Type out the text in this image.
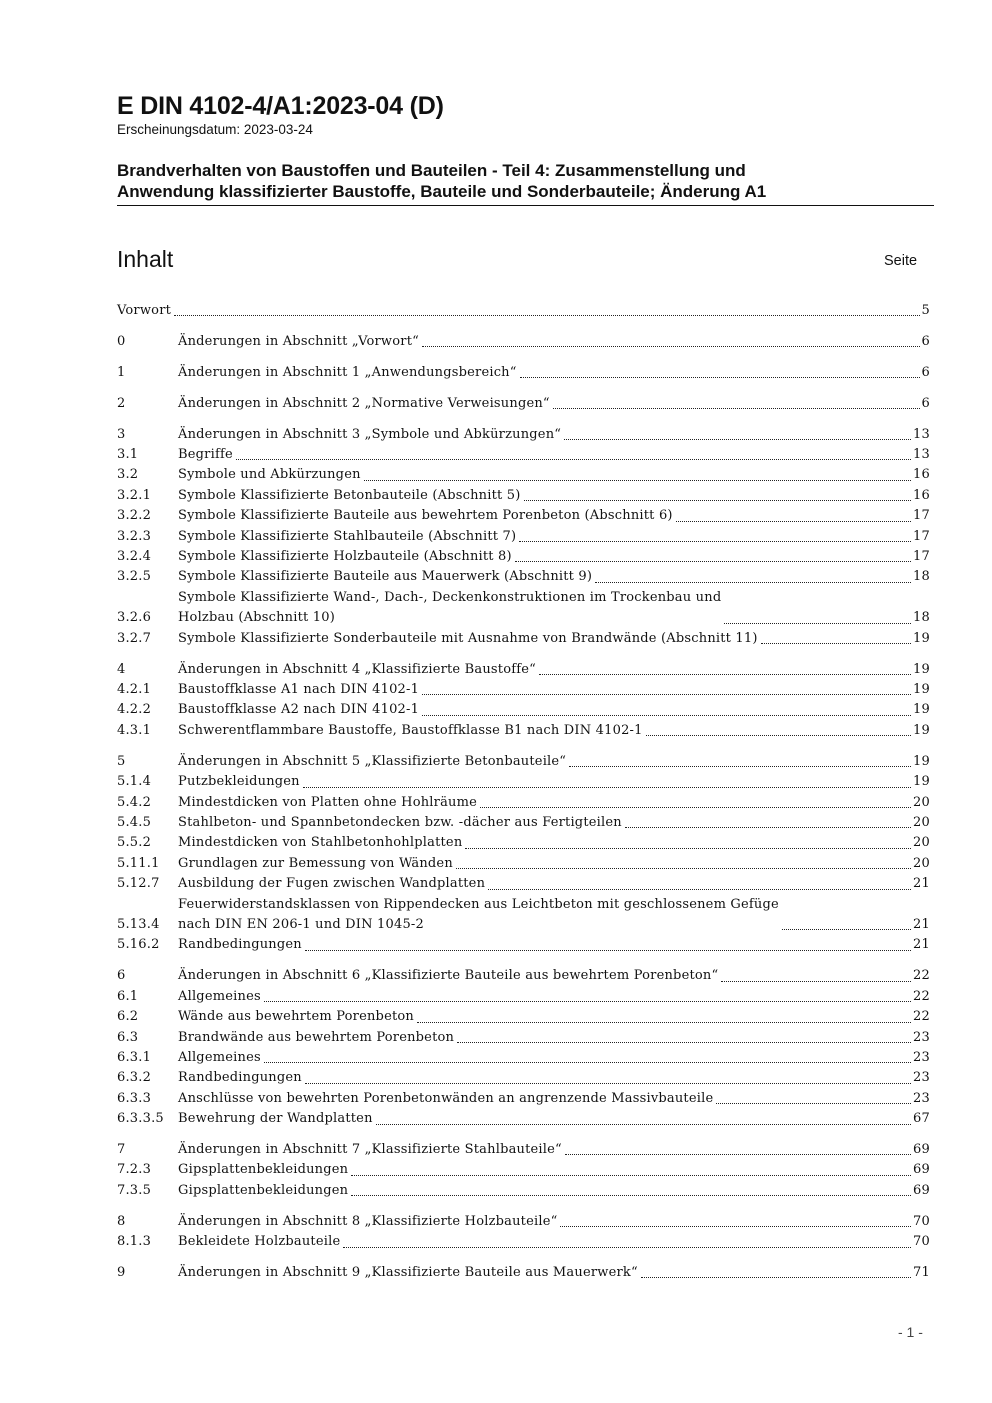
E DIN 4102-4/A1:2023-04 (D)
Erscheinungsdatum: 2023-03-24
Brandverhalten von Baustoffen und Bauteilen - Teil 4: Zusammenstellung und
Anwendung klassifizierter Baustoffe, Bauteile und Sonderbauteile; Änderung A1
Inhalt	Seite
Vorwort	5
0	Änderungen in Abschnitt „Vorwort“	6
1	Änderungen in Abschnitt 1 „Anwendungsbereich“	6
2	Änderungen in Abschnitt 2 „Normative Verweisungen“	6
3	Änderungen in Abschnitt 3 „Symbole und Abkürzungen“	13
3.1	Begriffe	13
3.2	Symbole und Abkürzungen	16
3.2.1	Symbole Klassifizierte Betonbauteile (Abschnitt 5)	16
3.2.2	Symbole Klassifizierte Bauteile aus bewehrtem Porenbeton (Abschnitt 6)	17
3.2.3	Symbole Klassifizierte Stahlbauteile (Abschnitt 7)	17
3.2.4	Symbole Klassifizierte Holzbauteile (Abschnitt 8)	17
3.2.5	Symbole Klassifizierte Bauteile aus Mauerwerk (Abschnitt 9)	18
3.2.6
Symbole Klassifizierte Wand-, Dach-, Deckenkonstruktionen im Trockenbau und
Holzbau (Abschnitt 10)	18
3.2.7	Symbole Klassifizierte Sonderbauteile mit Ausnahme von Brandwände (Abschnitt 11)	19
4	Änderungen in Abschnitt 4 „Klassifizierte Baustoffe“	19
4.2.1	Baustoffklasse A1 nach DIN 4102-1	19
4.2.2	Baustoffklasse A2 nach DIN 4102-1	19
4.3.1	Schwerentflammbare Baustoffe, Baustoffklasse B1 nach DIN 4102-1	19
5	Änderungen in Abschnitt 5 „Klassifizierte Betonbauteile“	19
5.1.4	Putzbekleidungen	19
5.4.2	Mindestdicken von Platten ohne Hohlräume	20
5.4.5	Stahlbeton- und Spannbetondecken bzw. -dächer aus Fertigteilen	20
5.5.2	Mindestdicken von Stahlbetonhohlplatten	20
5.11.1	Grundlagen zur Bemessung von Wänden	20
5.12.7	Ausbildung der Fugen zwischen Wandplatten	21
5.13.4
Feuerwiderstandsklassen von Rippendecken aus Leichtbeton mit geschlossenem Gefüge
nach DIN EN 206-1 und DIN 1045-2	21
5.16.2	Randbedingungen	21
6	Änderungen in Abschnitt 6 „Klassifizierte Bauteile aus bewehrtem Porenbeton“	22
6.1	Allgemeines	22
6.2	Wände aus bewehrtem Porenbeton	22
6.3	Brandwände aus bewehrtem Porenbeton	23
6.3.1	Allgemeines	23
6.3.2	Randbedingungen	23
6.3.3	Anschlüsse von bewehrten Porenbetonwänden an angrenzende Massivbauteile	23
6.3.3.5	Bewehrung der Wandplatten	67
7	Änderungen in Abschnitt 7 „Klassifizierte Stahlbauteile“	69
7.2.3	Gipsplattenbekleidungen	69
7.3.5	Gipsplattenbekleidungen	69
8	Änderungen in Abschnitt 8 „Klassifizierte Holzbauteile“	70
8.1.3	Bekleidete Holzbauteile	70
9	Änderungen in Abschnitt 9 „Klassifizierte Bauteile aus Mauerwerk“	71
- 1 -
